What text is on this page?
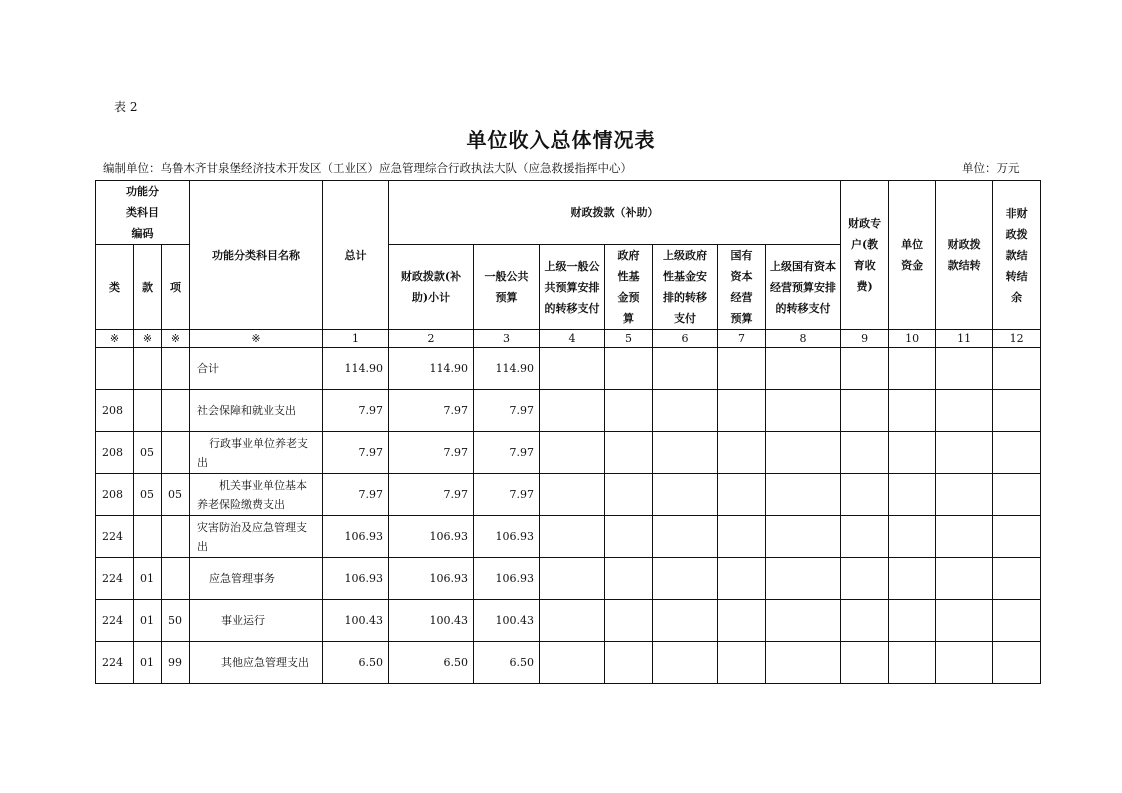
表 2
单位收入总体情况表
编制单位：乌鲁木齐甘泉堡经济技术开发区（工业区）应急管理综合行政执法大队（应急救援指挥中心）	单位：万元
功能分类科目编码			功能分类科目名称	总计	财政拨款（补助）							财政专户(教育收费)	单位资金	财政拨款结转	非财政拨款结转结余
类	款	项			财政拨款(补助)小计	一般公共预算	上级一般公共预算安排的转移支付	政府性基金预算	上级政府性基金安排的转移支付	国有资本经营预算	上级国有资本经营预算安排的转移支付				
※	※	※	※	1	2	3	4	5	6	7	8	9	10	11	12
			合计	114.90	114.90	114.90									
208			社会保障和就业支出	7.97	7.97	7.97									
208	05		行政事业单位养老支出	7.97	7.97	7.97									
208	05	05	机关事业单位基本养老保险缴费支出	7.97	7.97	7.97									
224			灾害防治及应急管理支出	106.93	106.93	106.93									
224	01		应急管理事务	106.93	106.93	106.93									
224	01	50	事业运行	100.43	100.43	100.43									
224	01	99	其他应急管理支出	6.50	6.50	6.50									
